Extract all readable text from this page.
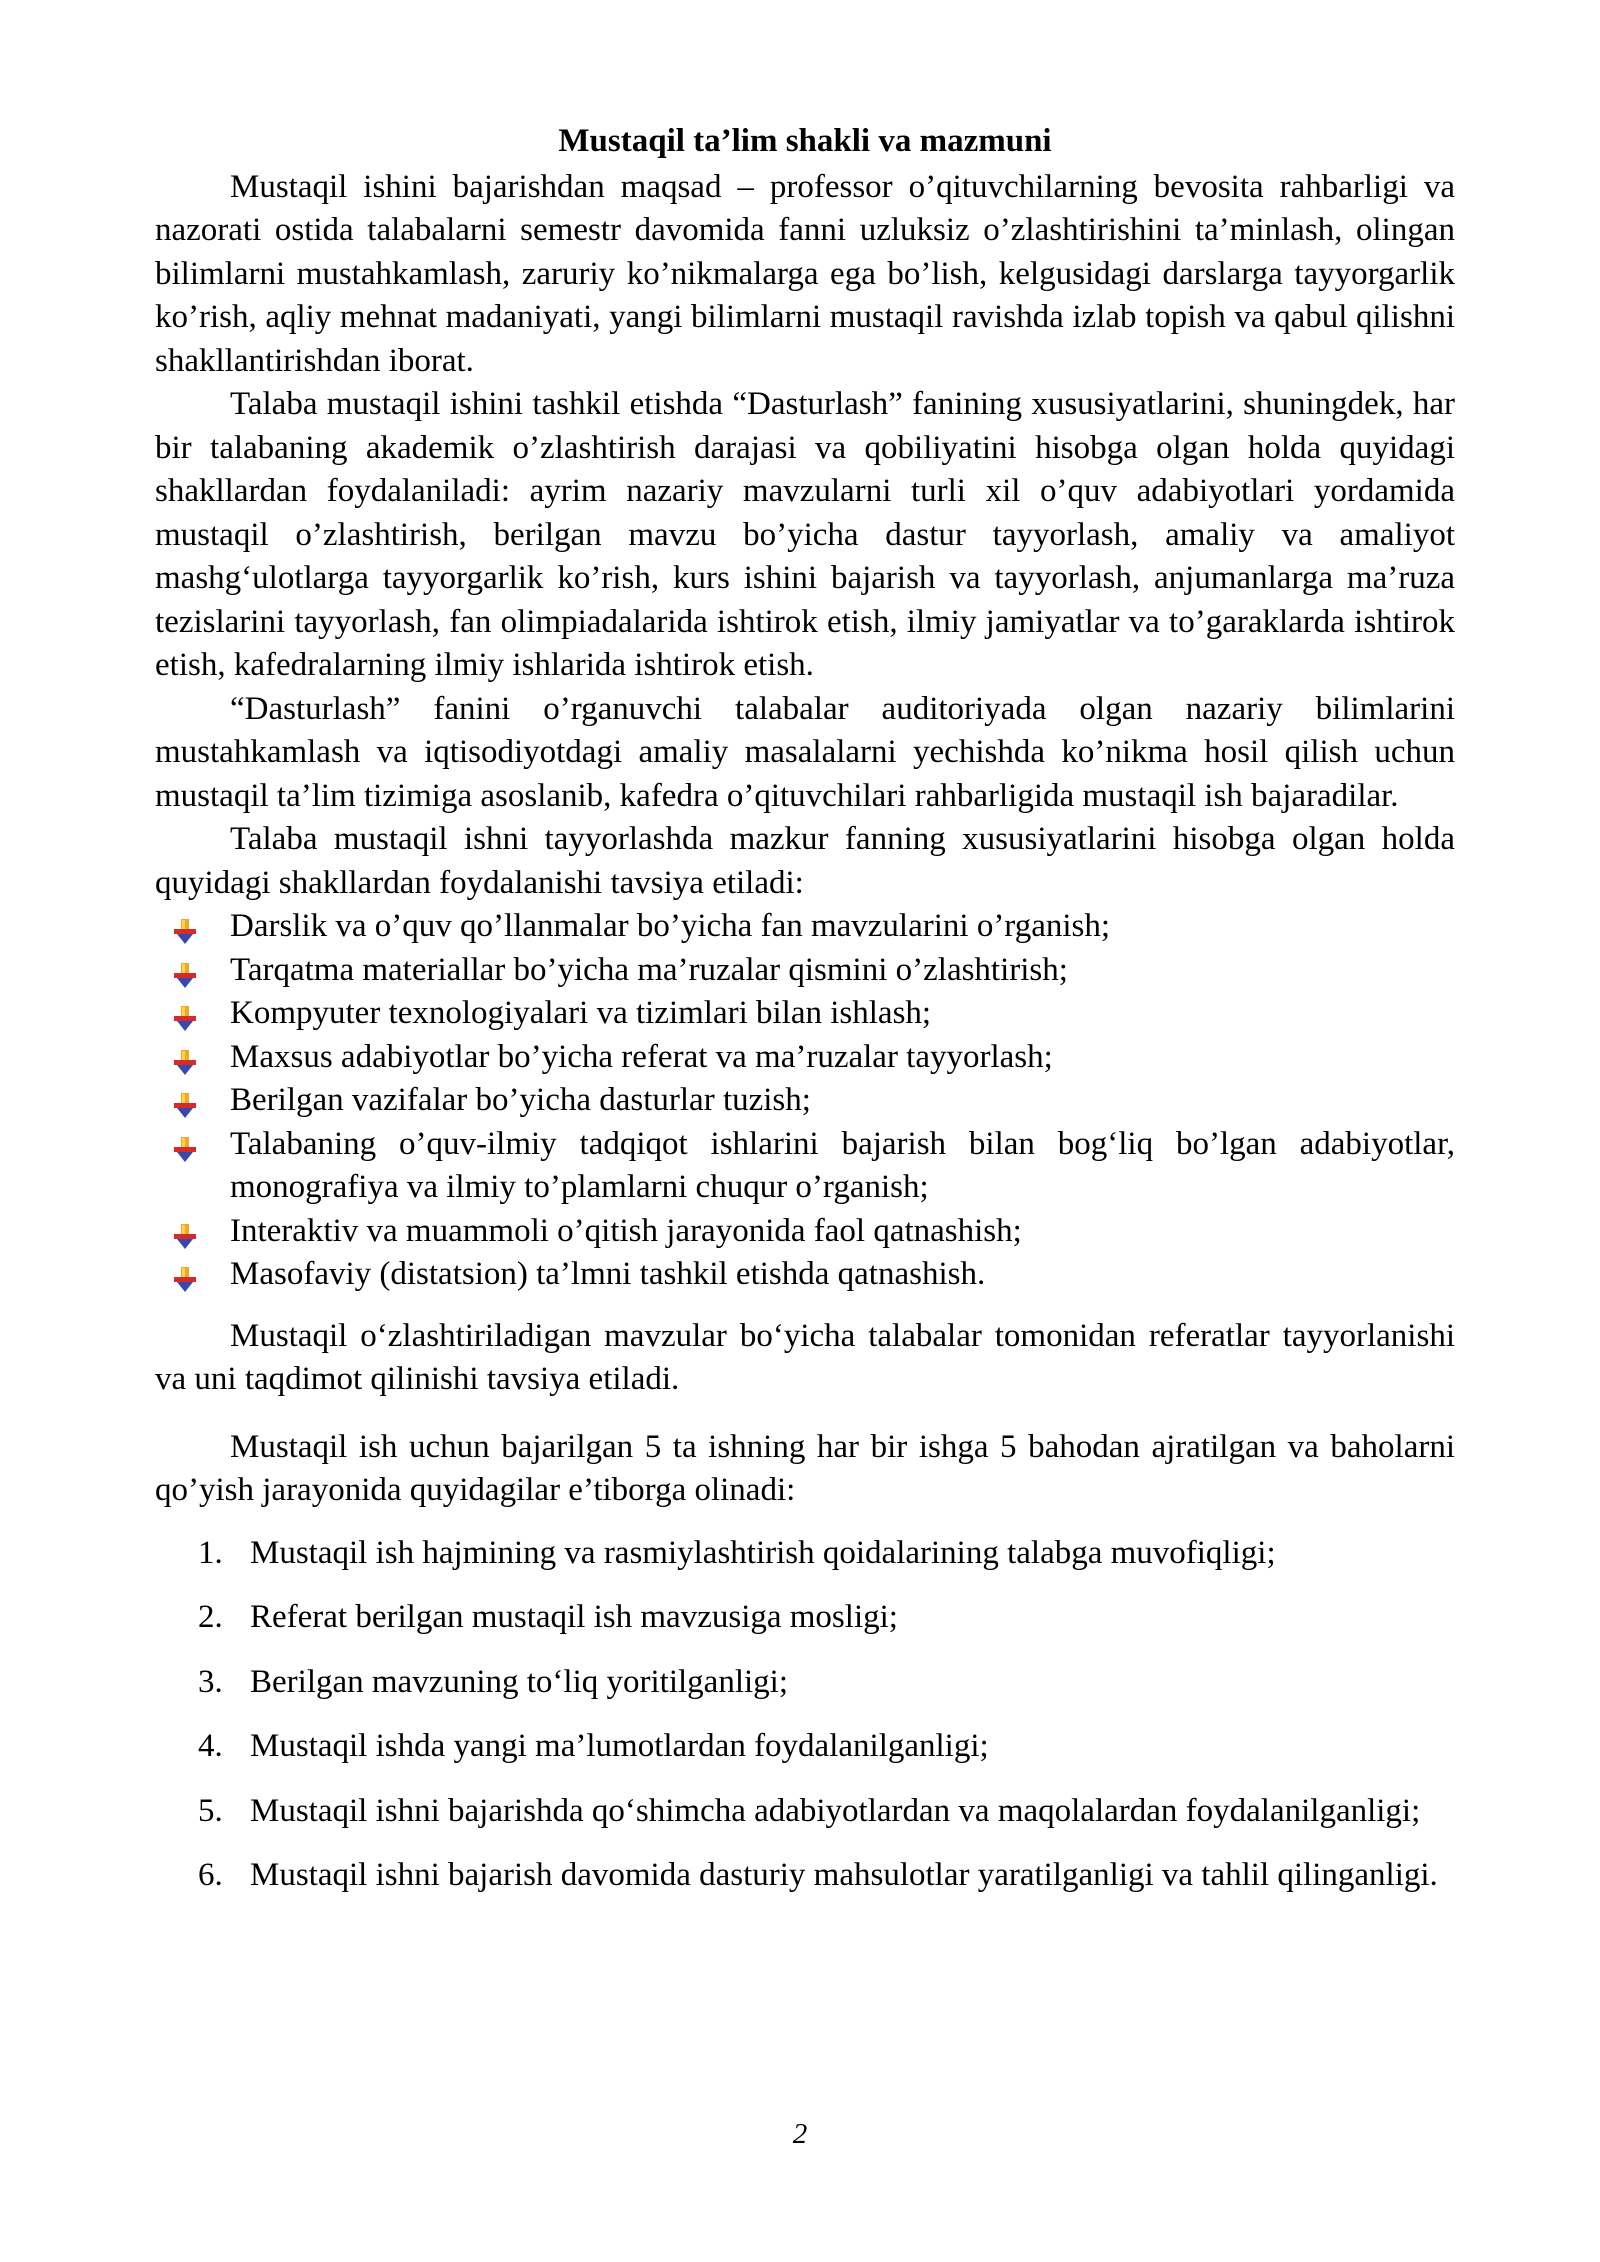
Mustaqil ta’lim shakli va mazmuni

Mustaqil ishini bajarishdan maqsad – professor o’qituvchilarning bevosita rahbarligi va nazorati ostida talabalarni semestr davomida fanni uzluksiz o’zlashtirishini ta’minlash, olingan bilimlarni mustahkamlash, zaruriy ko’nikmalarga ega bo’lish, kelgusidagi darslarga tayyorgarlik ko’rish, aqliy mehnat madaniyati, yangi bilimlarni mustaqil ravishda izlab topish va qabul qilishni shakllantirishdan iborat.

Talaba mustaqil ishini tashkil etishda “Dasturlash” fanining xususiyatlarini, shuningdek, har bir talabaning akademik o’zlashtirish darajasi va qobiliyatini hisobga olgan holda quyidagi shakllardan foydalaniladi: ayrim nazariy mavzularni turli xil o’quv adabiyotlari yordamida mustaqil o’zlashtirish, berilgan mavzu bo’yicha dastur tayyorlash, amaliy va amaliyot mashg‘ulotlarga tayyorgarlik ko’rish, kurs ishini bajarish va tayyorlash, anjumanlarga ma’ruza tezislarini tayyorlash, fan olimpiadalarida ishtirok etish, ilmiy jamiyatlar va to’garaklarda ishtirok etish, kafedralarning ilmiy ishlarida ishtirok etish.

“Dasturlash” fanini o’rganuvchi talabalar auditoriyada olgan nazariy bilimlarini mustahkamlash va iqtisodiyotdagi amaliy masalalarni yechishda ko’nikma hosil qilish uchun mustaqil ta’lim tizimiga asoslanib, kafedra o’qituvchilari rahbarligida mustaqil ish bajaradilar.

Talaba mustaqil ishni tayyorlashda mazkur fanning xususiyatlarini hisobga olgan holda quyidagi shakllardan foydalanishi tavsiya etiladi:

Darslik va o’quv qo’llanmalar bo’yicha fan mavzularini o’rganish;
Tarqatma materiallar bo’yicha ma’ruzalar qismini o’zlashtirish;
Kompyuter texnologiyalari va tizimlari bilan ishlash;
Maxsus adabiyotlar bo’yicha referat va ma’ruzalar tayyorlash;
Berilgan vazifalar bo’yicha dasturlar tuzish;
Talabaning o’quv-ilmiy tadqiqot ishlarini bajarish bilan bog‘liq bo’lgan adabiyotlar, monografiya va ilmiy to’plamlarni chuqur o’rganish;
Interaktiv va muammoli o’qitish jarayonida faol qatnashish;
Masofaviy (distatsion) ta’lmni tashkil etishda qatnashish.

Mustaqil o‘zlashtiriladigan mavzular bo‘yicha talabalar tomonidan referatlar tayyorlanishi va uni taqdimot qilinishi tavsiya etiladi.

Mustaqil ish uchun bajarilgan 5 ta ishning har bir ishga 5 bahodan ajratilgan va baholarni qo’yish jarayonida quyidagilar e’tiborga olinadi:

1. Mustaqil ish hajmining va rasmiylashtirish qoidalarining talabga muvofiqligi;
2. Referat berilgan mustaqil ish mavzusiga mosligi;
3. Berilgan mavzuning to‘liq yoritilganligi;
4. Mustaqil ishda yangi ma’lumotlardan foydalanilganligi;
5. Mustaqil ishni bajarishda qo‘shimcha adabiyotlardan va maqolalardan foydalanilganligi;
6. Mustaqil ishni bajarish davomida dasturiy mahsulotlar yaratilganligi va tahlil qilinganligi.
2
